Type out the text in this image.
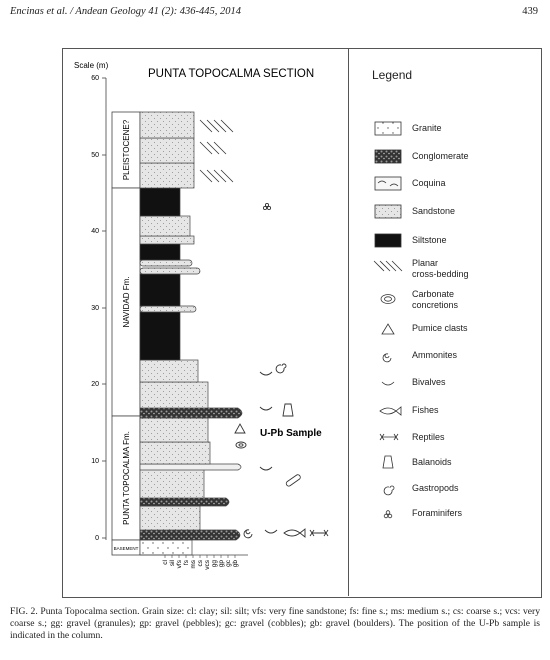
Encinas et al. / Andean Geology 41 (2): 436-445, 2014	439
Scale (m)
0
10
20
30
40
50
60	PUNTA TOPOCALMA SECTION
PLEISTOCENE?
NAVIDAD Fm.
PUNTA TOPOCALMA Fm.
BASEMENT
U-Pb Sample
cl sil vfs fs ms cs vcs gg gp gc gb
Legend
Granite
Conglomerate
Coquina
Sandstone
Siltstone
Planar
cross-bedding
Carbonate
concretions
Pumice clasts
Ammonites
Bivalves
Fishes
Reptiles
Balanoids
Gastropods
Foraminifers
FIG. 2. Punta Topocalma section. Grain size: cl: clay; sil: silt; vfs: very fine sandstone; fs: fine s.; ms: medium s.; cs: coarse s.; vcs: very coarse s.; gg: gravel (granules); gp: gravel (pebbles); gc: gravel (cobbles); gb: gravel (boulders). The position of the U-Pb sample is indicated in the column.
